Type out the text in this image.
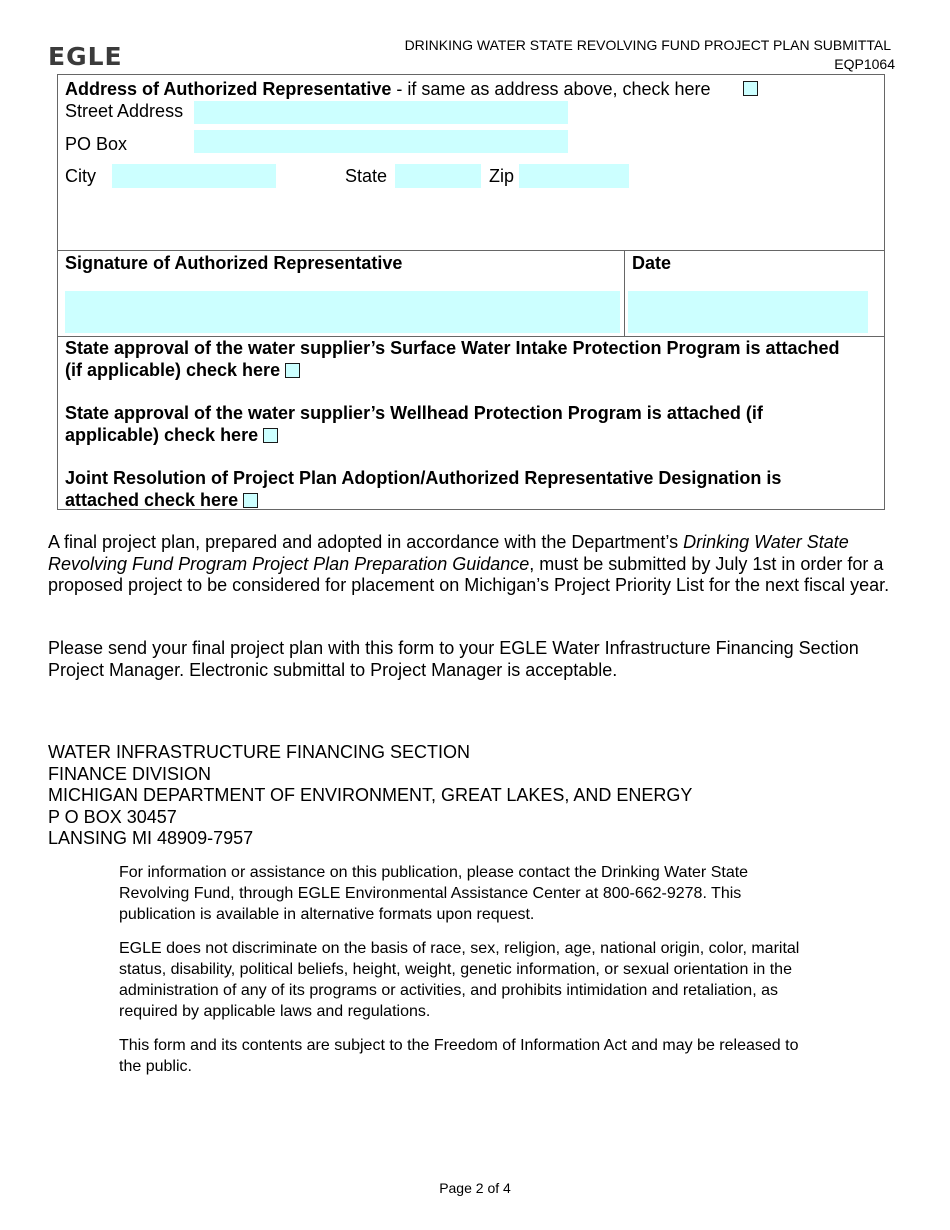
EGLE	DRINKING WATER STATE REVOLVING FUND PROJECT PLAN SUBMITTAL
EQP1064
Address of Authorized Representative - if same as address above, check here
Street Address
PO Box
City	State	Zip
Signature of Authorized Representative	Date
State approval of the water supplier’s Surface Water Intake Protection Program is attached
(if applicable) check here
State approval of the water supplier’s Wellhead Protection Program is attached (if
applicable) check here
Joint Resolution of Project Plan Adoption/Authorized Representative Designation is
attached check here

A final project plan, prepared and adopted in accordance with the Department’s Drinking Water State Revolving Fund Program Project Plan Preparation Guidance, must be submitted by July 1st in order for a proposed project to be considered for placement on Michigan’s Project Priority List for the next fiscal year.

Please send your final project plan with this form to your EGLE Water Infrastructure Financing Section Project Manager. Electronic submittal to Project Manager is acceptable.

WATER INFRASTRUCTURE FINANCING SECTION
FINANCE DIVISION
MICHIGAN DEPARTMENT OF ENVIRONMENT, GREAT LAKES, AND ENERGY
P O BOX 30457
LANSING MI 48909-7957

For information or assistance on this publication, please contact the Drinking Water State Revolving Fund, through EGLE Environmental Assistance Center at 800-662-9278. This publication is available in alternative formats upon request.

EGLE does not discriminate on the basis of race, sex, religion, age, national origin, color, marital status, disability, political beliefs, height, weight, genetic information, or sexual orientation in the administration of any of its programs or activities, and prohibits intimidation and retaliation, as required by applicable laws and regulations.

This form and its contents are subject to the Freedom of Information Act and may be released to the public.

Page 2 of 4
